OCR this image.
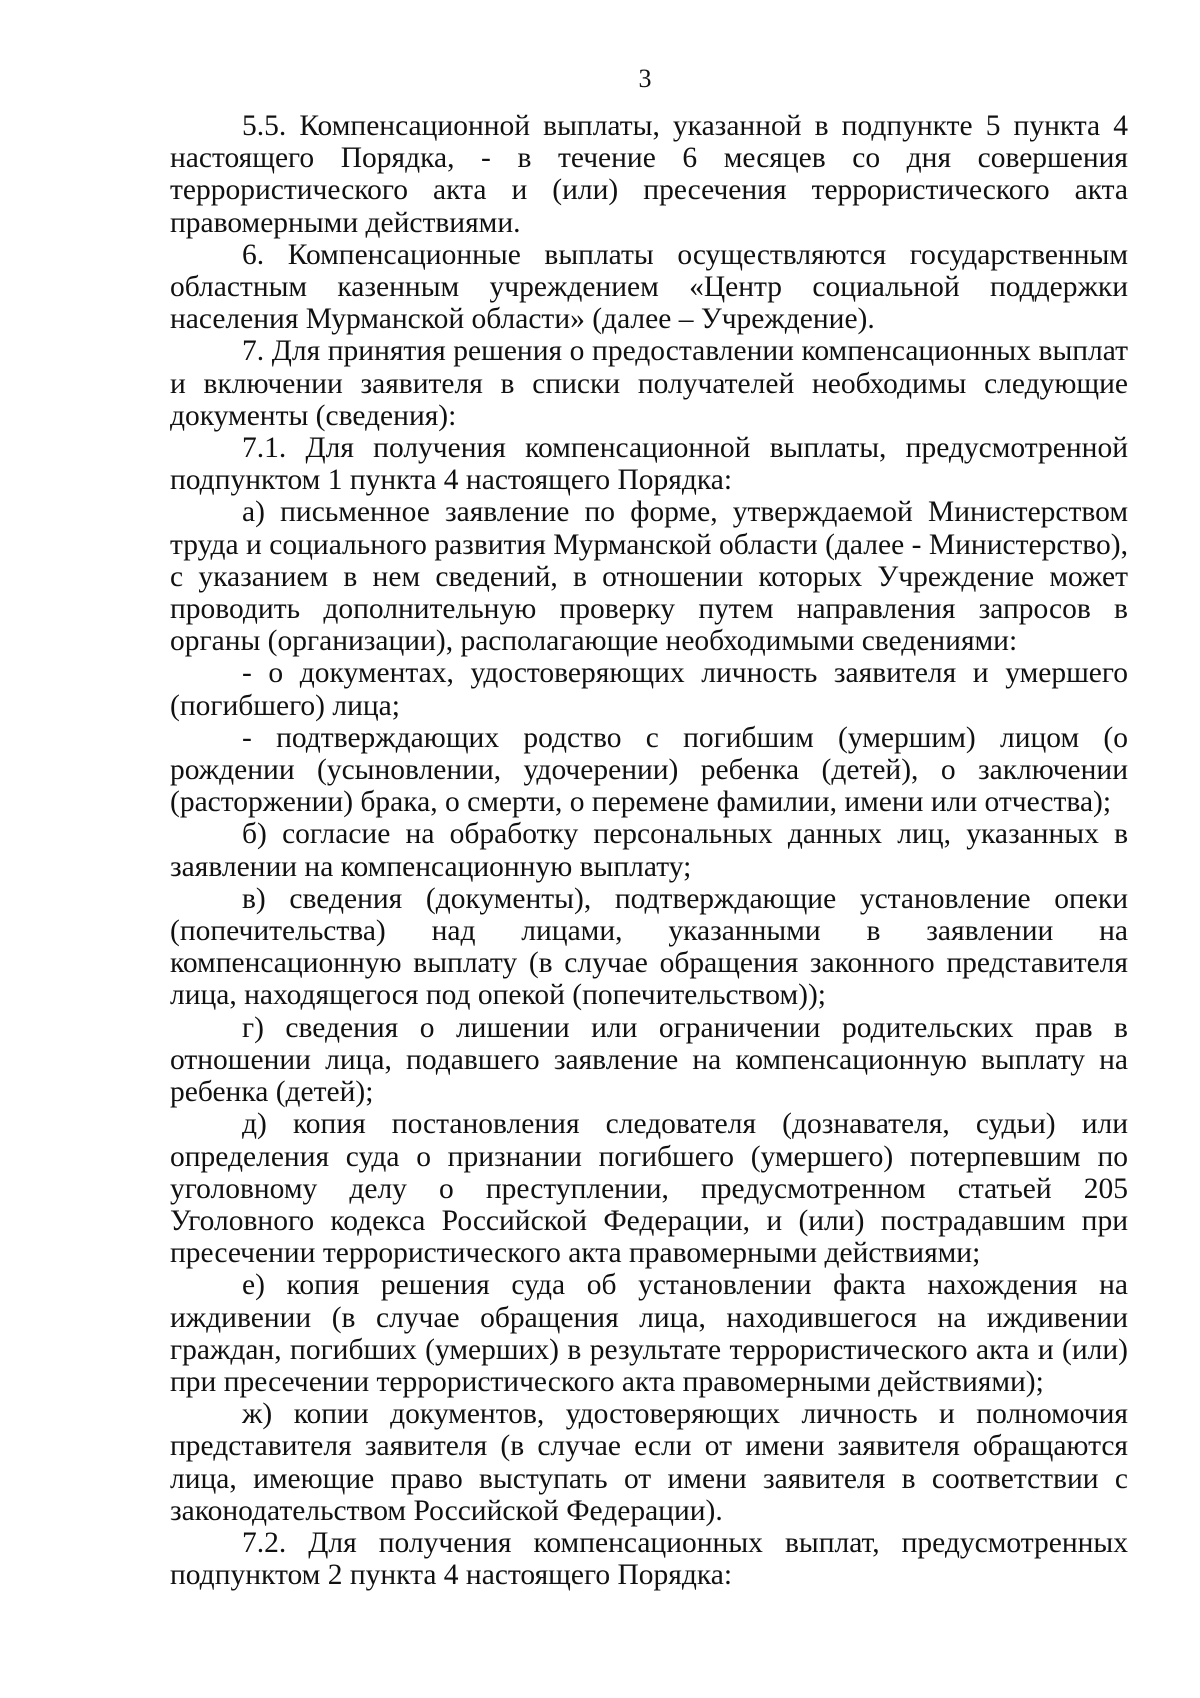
3

5.5. Компенсационной выплаты, указанной в подпункте 5 пункта 4 настоящего Порядка, - в течение 6 месяцев со дня совершения террористического акта и (или) пресечения террористического акта правомерными действиями.

6. Компенсационные выплаты осуществляются государственным областным казенным учреждением «Центр социальной поддержки населения Мурманской области» (далее – Учреждение).

7. Для принятия решения о предоставлении компенсационных выплат и включении заявителя в списки получателей необходимы следующие документы (сведения):

7.1. Для получения компенсационной выплаты, предусмотренной подпунктом 1 пункта 4 настоящего Порядка:

а) письменное заявление по форме, утверждаемой Министерством труда и социального развития Мурманской области (далее - Министерство), с указанием в нем сведений, в отношении которых Учреждение может проводить дополнительную проверку путем направления запросов в органы (организации), располагающие необходимыми сведениями:

- о документах, удостоверяющих личность заявителя и умершего (погибшего) лица;

- подтверждающих родство с погибшим (умершим) лицом (о рождении (усыновлении, удочерении) ребенка (детей), о заключении (расторжении) брака, о смерти, о перемене фамилии, имени или отчества);

б) согласие на обработку персональных данных лиц, указанных в заявлении на компенсационную выплату;

в) сведения (документы), подтверждающие установление опеки (попечительства) над лицами, указанными в заявлении на компенсационную выплату (в случае обращения законного представителя лица, находящегося под опекой (попечительством));

г) сведения о лишении или ограничении родительских прав в отношении лица, подавшего заявление на компенсационную выплату на ребенка (детей);

д) копия постановления следователя (дознавателя, судьи) или определения суда о признании погибшего (умершего) потерпевшим по уголовному делу о преступлении, предусмотренном статьей 205 Уголовного кодекса Российской Федерации, и (или) пострадавшим при пресечении террористического акта правомерными действиями;

е) копия решения суда об установлении факта нахождения на иждивении (в случае обращения лица, находившегося на иждивении граждан, погибших (умерших) в результате террористического акта и (или) при пресечении террористического акта правомерными действиями);

ж) копии документов, удостоверяющих личность и полномочия представителя заявителя (в случае если от имени заявителя обращаются лица, имеющие право выступать от имени заявителя в соответствии с законодательством Российской Федерации).

7.2. Для получения компенсационных выплат, предусмотренных подпунктом 2 пункта 4 настоящего Порядка:
